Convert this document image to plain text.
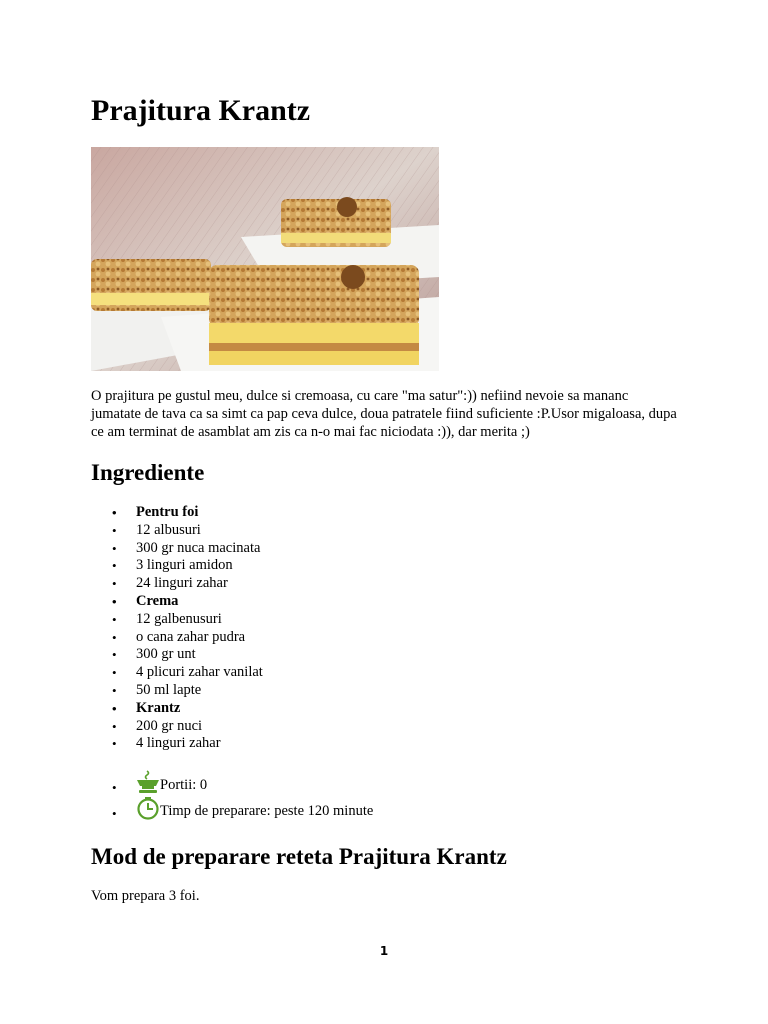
Prajitura Krantz

O prajitura pe gustul meu, dulce si cremoasa, cu care "ma satur":)) nefiind nevoie sa mananc jumatate de tava ca sa simt ca pap ceva dulce, doua patratele fiind suficiente :P.Usor migaloasa, dupa ce am terminat de asamblat am zis ca n-o mai fac niciodata :)), dar merita ;)

Ingrediente
• Pentru foi
• 12 albusuri
• 300 gr nuca macinata
• 3 linguri amidon
• 24 linguri zahar
• Crema
• 12 galbenusuri
• o cana zahar pudra
• 300 gr unt
• 4 plicuri zahar vanilat
• 50 ml lapte
• Krantz
• 200 gr nuci
• 4 linguri zahar
• Portii: 0
• Timp de preparare: peste 120 minute
Mod de preparare reteta Prajitura Krantz

Vom prepara 3 foi.

1
